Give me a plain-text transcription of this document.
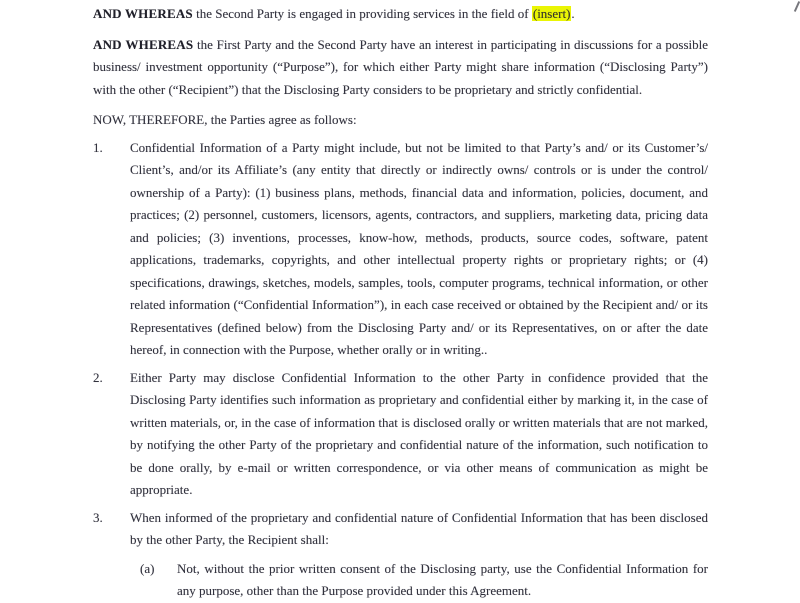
AND WHEREAS the Second Party is engaged in providing services in the field of (insert).

AND WHEREAS the First Party and the Second Party have an interest in participating in discussions for a possible business/ investment opportunity (“Purpose”), for which either Party might share information (“Disclosing Party”) with the other (“Recipient”) that the Disclosing Party considers to be proprietary and strictly confidential.

NOW, THEREFORE, the Parties agree as follows:

1. Confidential Information of a Party might include, but not be limited to that Party’s and/ or its Customer’s/ Client’s, and/or its Affiliate’s (any entity that directly or indirectly owns/ controls or is under the control/ ownership of a Party): (1) business plans, methods, financial data and information, policies, document, and practices; (2) personnel, customers, licensors, agents, contractors, and suppliers, marketing data, pricing data and policies; (3) inventions, processes, know-how, methods, products, source codes, software, patent applications, trademarks, copyrights, and other intellectual property rights or proprietary rights; or (4) specifications, drawings, sketches, models, samples, tools, computer programs, technical information, or other related information (“Confidential Information”), in each case received or obtained by the Recipient and/ or its Representatives (defined below) from the Disclosing Party and/ or its Representatives, on or after the date hereof, in connection with the Purpose, whether orally or in writing..
2. Either Party may disclose Confidential Information to the other Party in confidence provided that the Disclosing Party identifies such information as proprietary and confidential either by marking it, in the case of written materials, or, in the case of information that is disclosed orally or written materials that are not marked, by notifying the other Party of the proprietary and confidential nature of the information, such notification to be done orally, by e-mail or written correspondence, or via other means of communication as might be appropriate.
3. When informed of the proprietary and confidential nature of Confidential Information that has been disclosed by the other Party, the Recipient shall:
(a) Not, without the prior written consent of the Disclosing party, use the Confidential Information for any purpose, other than the Purpose provided under this Agreement.
